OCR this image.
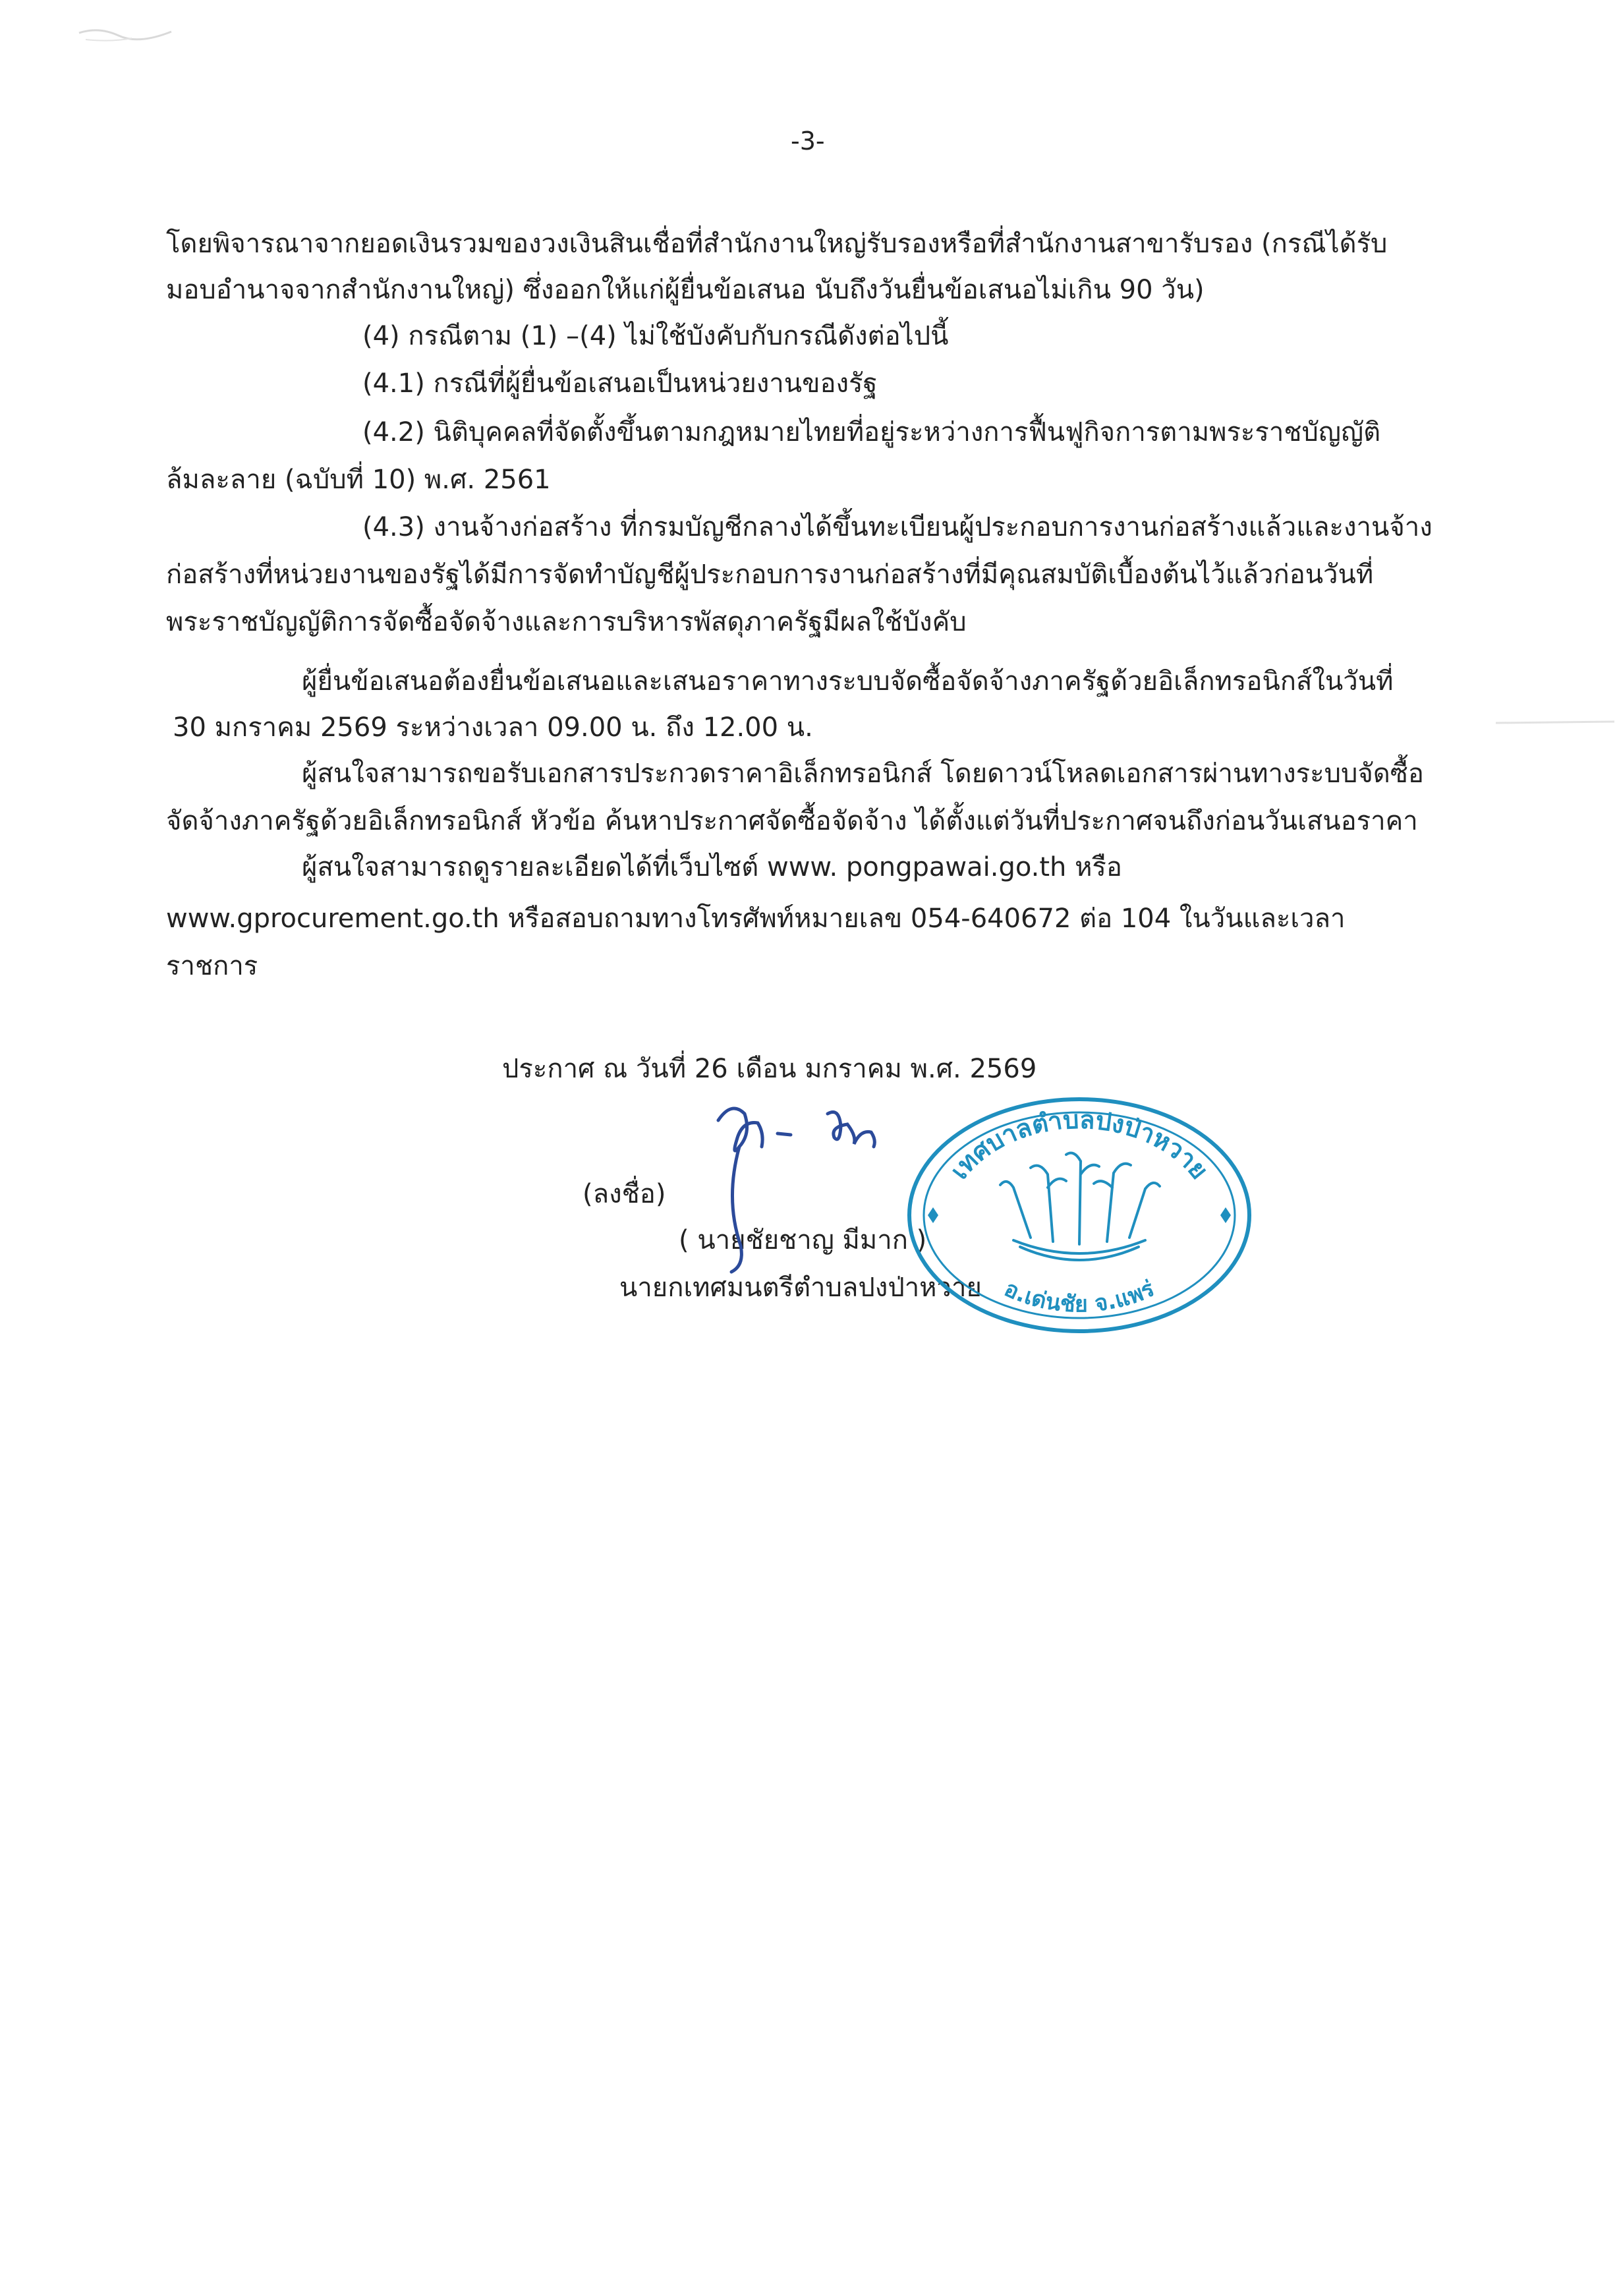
-3-
โดยพิจารณาจากยอดเงินรวมของวงเงินสินเชื่อที่สำนักงานใหญ่รับรองหรือที่สำนักงานสาขารับรอง (กรณีได้รับ
มอบอำนาจจากสำนักงานใหญ่) ซึ่งออกให้แก่ผู้ยื่นข้อเสนอ นับถึงวันยื่นข้อเสนอไม่เกิน 90 วัน)
(4) กรณีตาม (1) –(4) ไม่ใช้บังคับกับกรณีดังต่อไปนี้
(4.1) กรณีที่ผู้ยื่นข้อเสนอเป็นหน่วยงานของรัฐ
(4.2) นิติบุคคลที่จัดตั้งขึ้นตามกฎหมายไทยที่อยู่ระหว่างการฟื้นฟูกิจการตามพระราชบัญญัติ
ล้มละลาย (ฉบับที่ 10) พ.ศ. 2561
(4.3) งานจ้างก่อสร้าง ที่กรมบัญชีกลางได้ขึ้นทะเบียนผู้ประกอบการงานก่อสร้างแล้วและงานจ้าง
ก่อสร้างที่หน่วยงานของรัฐได้มีการจัดทำบัญชีผู้ประกอบการงานก่อสร้างที่มีคุณสมบัติเบื้องต้นไว้แล้วก่อนวันที่
พระราชบัญญัติการจัดซื้อจัดจ้างและการบริหารพัสดุภาครัฐมีผลใช้บังคับ
ผู้ยื่นข้อเสนอต้องยื่นข้อเสนอและเสนอราคาทางระบบจัดซื้อจัดจ้างภาครัฐด้วยอิเล็กทรอนิกส์ในวันที่
30 มกราคม 2569 ระหว่างเวลา 09.00 น. ถึง 12.00 น.
ผู้สนใจสามารถขอรับเอกสารประกวดราคาอิเล็กทรอนิกส์ โดยดาวน์โหลดเอกสารผ่านทางระบบจัดซื้อ
จัดจ้างภาครัฐด้วยอิเล็กทรอนิกส์ หัวข้อ ค้นหาประกาศจัดซื้อจัดจ้าง ได้ตั้งแต่วันที่ประกาศจนถึงก่อนวันเสนอราคา
ผู้สนใจสามารถดูรายละเอียดได้ที่เว็บไซต์ www. pongpawai.go.th หรือ
www.gprocurement.go.th หรือสอบถามทางโทรศัพท์หมายเลข 054-640672 ต่อ 104 ในวันและเวลา
ราชการ
ประกาศ ณ วันที่ 26 เดือน มกราคม พ.ศ. 2569
(ลงชื่อ)
( นายชัยชาญ มีมาก )
นายกเทศมนตรีตำบลปงป่าหวาย
เทศบาลตำบลปงป่าหวาย
อ.เด่นชัย จ.แพร่
